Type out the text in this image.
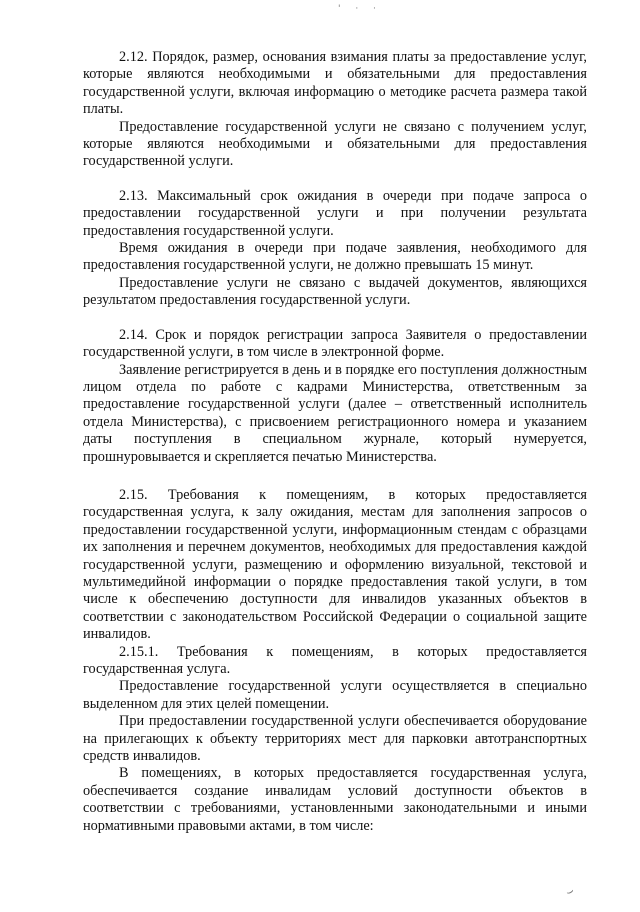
' · ·

2.12. Порядок, размер, основания взимания платы за предоставление услуг, которые являются необходимыми и обязательными для предоставления государственной услуги, включая информацию о методике расчета размера такой платы.

Предоставление государственной услуги не связано с получением услуг, которые являются необходимыми и обязательными для предоставления государственной услуги.

2.13. Максимальный срок ожидания в очереди при подаче запроса о предоставлении государственной услуги и при получении результата предоставления государственной услуги.

Время ожидания в очереди при подаче заявления, необходимого для предоставления государственной услуги, не должно превышать 15 минут.

Предоставление услуги не связано с выдачей документов, являющихся результатом предоставления государственной услуги.

2.14. Срок и порядок регистрации запроса Заявителя о предоставлении государственной услуги, в том числе в электронной форме.

Заявление регистрируется в день и в порядке его поступления должностным лицом отдела по работе с кадрами Министерства, ответственным за предоставление государственной услуги (далее – ответственный исполнитель отдела Министерства), с присвоением регистрационного номера и указанием даты поступления в специальном журнале, который нумеруется, прошнуровывается и скрепляется печатью Министерства.

2.15. Требования к помещениям, в которых предоставляется государственная услуга, к залу ожидания, местам для заполнения запросов о предоставлении государственной услуги, информационным стендам с образцами их заполнения и перечнем документов, необходимых для предоставления каждой государственной услуги, размещению и оформлению визуальной, текстовой и мультимедийной информации о порядке предоставления такой услуги, в том числе к обеспечению доступности для инвалидов указанных объектов в соответствии с законодательством Российской Федерации о социальной защите инвалидов.

2.15.1. Требования к помещениям, в которых предоставляется государственная услуга.

Предоставление государственной услуги осуществляется в специально выделенном для этих целей помещении.

При предоставлении государственной услуги обеспечивается оборудование на прилегающих к объекту территориях мест для парковки автотранспортных средств инвалидов.

В помещениях, в которых предоставляется государственная услуга, обеспечивается создание инвалидам условий доступности объектов в соответствии с требованиями, установленными законодательными и иными нормативными правовыми актами, в том числе:

⌣
